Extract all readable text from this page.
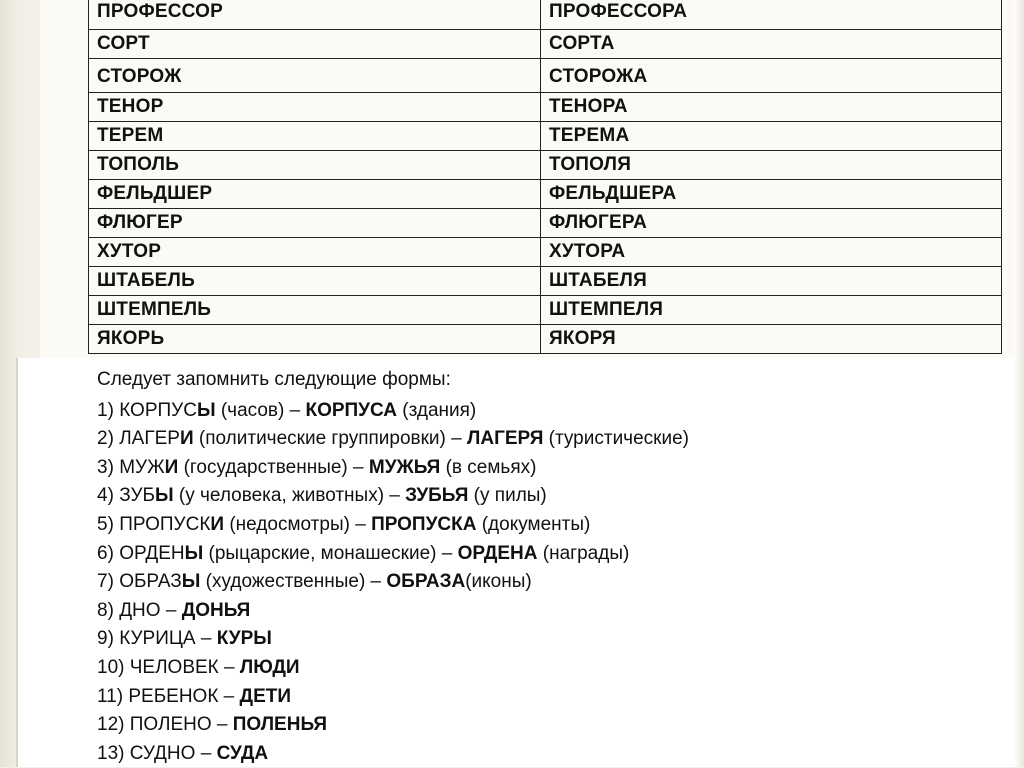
ПРОФЕССОР	ПРОФЕССОРА
СОРТ	СОРТА
СТОРОЖ	СТОРОЖА
ТЕНОР	ТЕНОРА
ТЕРЕМ	ТЕРЕМА
ТОПОЛЬ	ТОПОЛЯ
ФЕЛЬДШЕР	ФЕЛЬДШЕРА
ФЛЮГЕР	ФЛЮГЕРА
ХУТОР	ХУТОРА
ШТАБЕЛЬ	ШТАБЕЛЯ
ШТЕМПЕЛЬ	ШТЕМПЕЛЯ
ЯКОРЬ	ЯКОРЯ

Следует запомнить следующие формы:

1) КОРПУСЫ (часов) – КОРПУСА (здания)
2) ЛАГЕРИ (политические группировки) – ЛАГЕРЯ (туристические)
3) МУЖИ (государственные) – МУЖЬЯ (в семьях)
4) ЗУБЫ (у человека, животных) – ЗУБЬЯ (у пилы)
5) ПРОПУСКИ (недосмотры) – ПРОПУСКА (документы)
6) ОРДЕНЫ (рыцарские, монашеские) – ОРДЕНА (награды)
7) ОБРАЗЫ (художественные) – ОБРАЗА(иконы)
8) ДНО – ДОНЬЯ
9) КУРИЦА – КУРЫ
10) ЧЕЛОВЕК – ЛЮДИ
11) РЕБЕНОК – ДЕТИ
12) ПОЛЕНО – ПОЛЕНЬЯ
13) СУДНО – СУДА
